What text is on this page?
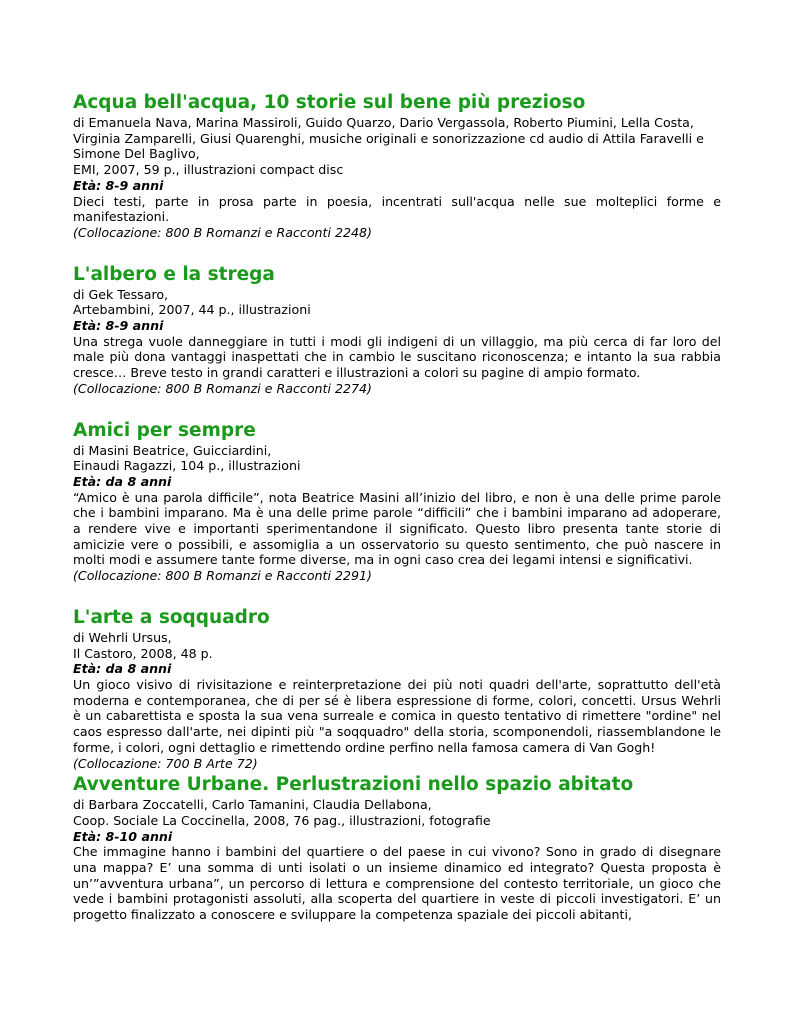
Acqua bell'acqua, 10 storie sul bene più prezioso
di Emanuela Nava, Marina Massiroli, Guido Quarzo, Dario Vergassola, Roberto Piumini, Lella Costa, Virginia Zamparelli, Giusi Quarenghi, musiche originali e sonorizzazione cd audio di Attila Faravelli e Simone Del Baglivo,
EMI, 2007, 59 p., illustrazioni compact disc
Età: 8-9 anni
Dieci testi, parte in prosa parte in poesia, incentrati sull'acqua nelle sue molteplici forme e manifestazioni.
(Collocazione: 800 B Romanzi e Racconti 2248)
L'albero e la strega
di Gek Tessaro,
Artebambini, 2007, 44 p., illustrazioni
Età: 8-9 anni
Una strega vuole danneggiare in tutti i modi gli indigeni di un villaggio, ma più cerca di far loro del male più dona vantaggi inaspettati che in cambio le suscitano riconoscenza; e intanto la sua rabbia cresce… Breve testo in grandi caratteri e illustrazioni a colori su pagine di ampio formato.
(Collocazione: 800 B Romanzi e Racconti 2274)
Amici per sempre
di Masini Beatrice, Guicciardini,
Einaudi Ragazzi, 104 p., illustrazioni
Età: da 8 anni
“Amico è una parola difficile”, nota Beatrice Masini all’inizio del libro, e non è una delle prime parole che i bambini imparano. Ma è una delle prime parole “difficili” che i bambini imparano ad adoperare, a rendere vive e importanti sperimentandone il significato. Questo libro presenta tante storie di amicizie vere o possibili, e assomiglia a un osservatorio su questo sentimento, che può nascere in molti modi e assumere tante forme diverse, ma in ogni caso crea dei legami intensi e significativi.
(Collocazione: 800 B Romanzi e Racconti 2291)
L'arte a soqquadro
di Wehrli Ursus,
Il Castoro, 2008, 48 p.
Età: da 8 anni
Un gioco visivo di rivisitazione e reinterpretazione dei più noti quadri dell'arte, soprattutto dell'età moderna e contemporanea, che di per sé è libera espressione di forme, colori, concetti. Ursus Wehrli è un cabarettista e sposta la sua vena surreale e comica in questo tentativo di rimettere "ordine" nel caos espresso dall'arte, nei dipinti più "a soqquadro" della storia, scomponendoli, riassemblandone le forme, i colori, ogni dettaglio e rimettendo ordine perfino nella famosa camera di Van Gogh!
(Collocazione: 700 B Arte 72)
Avventure Urbane. Perlustrazioni nello spazio abitato
di Barbara Zoccatelli, Carlo Tamanini, Claudia Dellabona,
Coop. Sociale La Coccinella, 2008, 76 pag., illustrazioni, fotografie
Età: 8-10 anni
Che immagine hanno i bambini del quartiere o del paese in cui vivono? Sono in grado di disegnare una mappa? E’ una somma di unti isolati o un insieme dinamico ed integrato? Questa proposta è un’”avventura urbana”, un percorso di lettura e comprensione del contesto territoriale, un gioco che vede i bambini protagonisti assoluti, alla scoperta del quartiere in veste di piccoli investigatori. E’ un progetto finalizzato a conoscere e sviluppare la competenza spaziale dei piccoli abitanti,
